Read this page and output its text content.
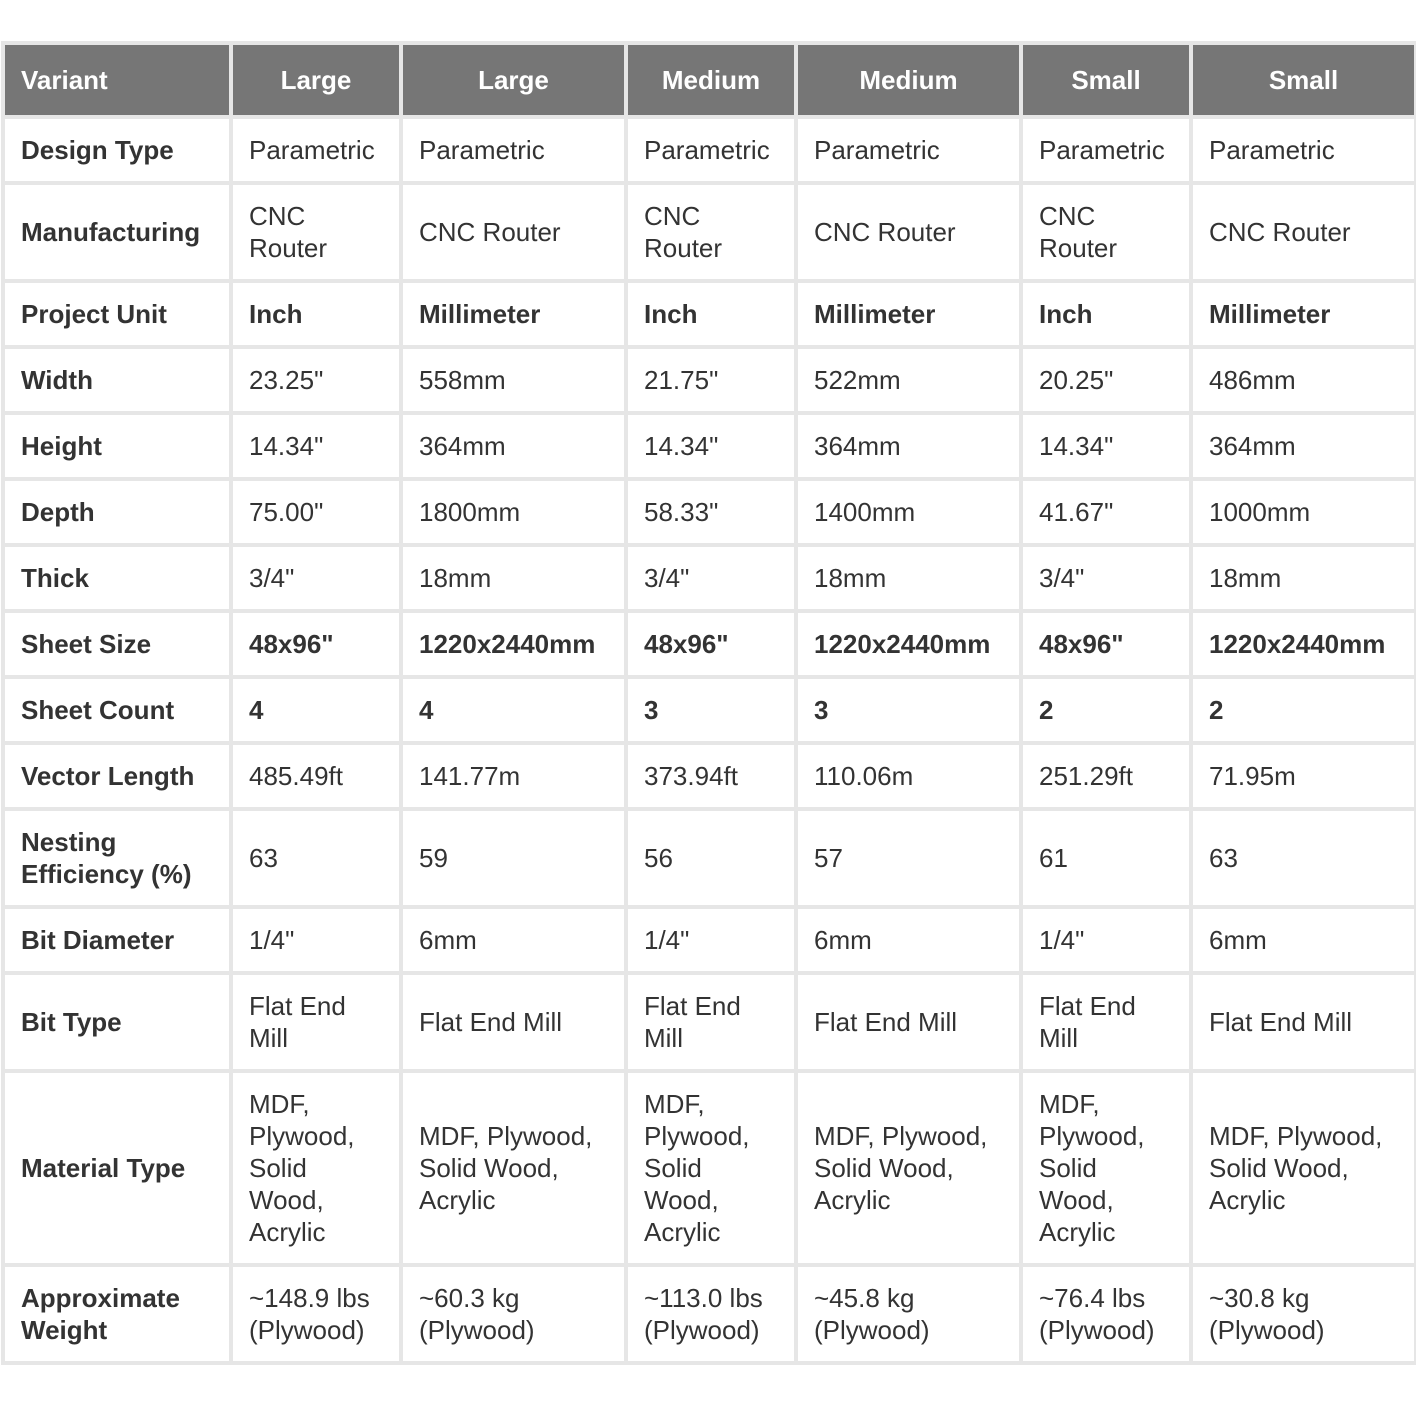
Variant	Large	Large	Medium	Medium	Small	Small
Design Type	Parametric	Parametric	Parametric	Parametric	Parametric	Parametric
Manufacturing	CNC Router	CNC Router	CNC Router	CNC Router	CNC Router	CNC Router
Project Unit	Inch	Millimeter	Inch	Millimeter	Inch	Millimeter
Width	23.25"	558mm	21.75"	522mm	20.25"	486mm
Height	14.34"	364mm	14.34"	364mm	14.34"	364mm
Depth	75.00"	1800mm	58.33"	1400mm	41.67"	1000mm
Thick	3/4"	18mm	3/4"	18mm	3/4"	18mm
Sheet Size	48x96"	1220x2440mm	48x96"	1220x2440mm	48x96"	1220x2440mm
Sheet Count	4	4	3	3	2	2
Vector Length	485.49ft	141.77m	373.94ft	110.06m	251.29ft	71.95m
Nesting Efficiency (%)	63	59	56	57	61	63
Bit Diameter	1/4"	6mm	1/4"	6mm	1/4"	6mm
Bit Type	Flat End Mill	Flat End Mill	Flat End Mill	Flat End Mill	Flat End Mill	Flat End Mill
Material Type	MDF, Plywood, Solid Wood, Acrylic	MDF, Plywood, Solid Wood, Acrylic	MDF, Plywood, Solid Wood, Acrylic	MDF, Plywood, Solid Wood, Acrylic	MDF, Plywood, Solid Wood, Acrylic	MDF, Plywood, Solid Wood, Acrylic
Approximate Weight	~148.9 lbs (Plywood)	~60.3 kg (Plywood)	~113.0 lbs (Plywood)	~45.8 kg (Plywood)	~76.4 lbs (Plywood)	~30.8 kg (Plywood)
